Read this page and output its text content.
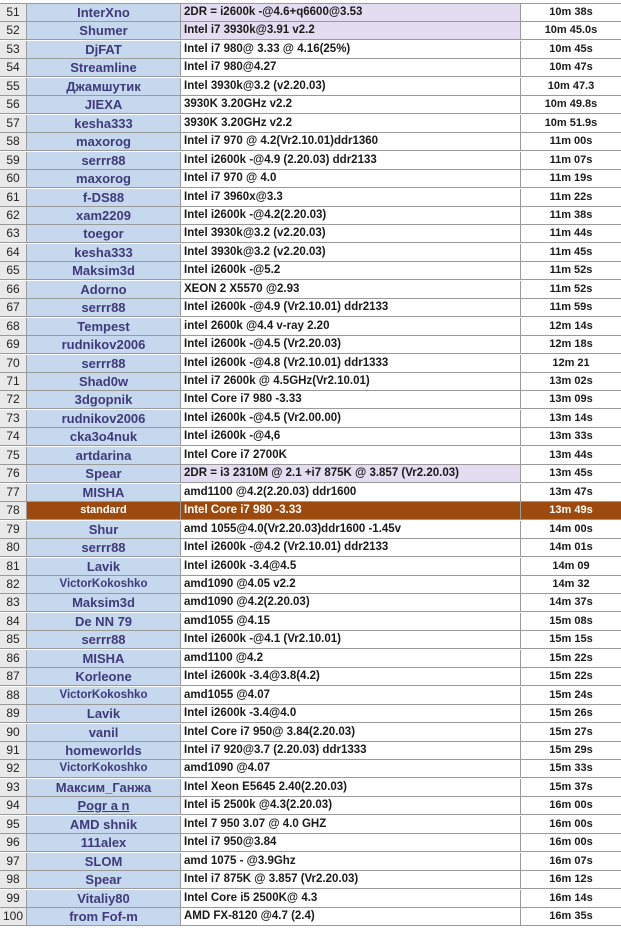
51	InterXno	2DR = i2600k -@4.6+q6600@3.53	10m 38s
52	Shumer	Intel i7 3930k@3.91 v2.2	10m 45.0s
53	DjFAT	Intel i7 980@ 3.33 @ 4.16(25%)	10m 45s
54	Streamline	Intel i7 980@4.27	10m 47s
55	Джамшутик	Intel 3930k@3.2 (v2.20.03)	10m 47.3
56	JIEXA	3930K 3.20GHz v2.2	10m 49.8s
57	kesha333	3930K 3.20GHz v2.2	10m 51.9s
58	maxorog	Intel i7 970 @ 4.2(Vr2.10.01)ddr1360	11m 00s
59	serrr88	Intel i2600k -@4.9 (2.20.03) ddr2133	11m 07s
60	maxorog	Intel i7 970 @ 4.0	11m 19s
61	f-DS88	Intel i7 3960x@3.3	11m 22s
62	xam2209	Intel i2600k -@4.2(2.20.03)	11m 38s
63	toegor	Intel 3930k@3.2 (v2.20.03)	11m 44s
64	kesha333	Intel 3930k@3.2 (v2.20.03)	11m 45s
65	Maksim3d	Intel i2600k -@5.2	11m 52s
66	Adorno	XEON 2 X5570 @2.93	11m 52s
67	serrr88	Intel i2600k -@4.9 (Vr2.10.01) ddr2133	11m 59s
68	Tempest	intel 2600k @4.4 v-ray 2.20	12m 14s
69	rudnikov2006	Intel i2600k -@4.5 (Vr2.20.03)	12m 18s
70	serrr88	Intel i2600k -@4.8 (Vr2.10.01) ddr1333	12m 21
71	Shad0w	Intel i7 2600k @ 4.5GHz(Vr2.10.01)	13m 02s
72	3dgopnik	Intel Core i7 980 -3.33	13m 09s
73	rudnikov2006	Intel i2600k -@4.5 (Vr2.00.00)	13m 14s
74	cka3o4nuk	Intel i2600k -@4,6	13m 33s
75	artdarina	Intel Core i7 2700K	13m 44s
76	Spear	2DR = i3 2310M @ 2.1 +i7 875K @ 3.857 (Vr2.20.03)	13m 45s
77	MISHA	amd1100 @4.2(2.20.03) ddr1600	13m 47s
78	standard	Intel Core i7 980 -3.33	13m 49s
79	Shur	amd 1055@4.0(Vr2.20.03)ddr1600 -1.45v	14m 00s
80	serrr88	Intel i2600k -@4.2 (Vr2.10.01) ddr2133	14m 01s
81	Lavik	Intel i2600k -3.4@4.5	14m 09
82	VictorKokoshko	amd1090 @4.05 v2.2	14m 32
83	Maksim3d	amd1090 @4.2(2.20.03)	14m 37s
84	De NN 79	amd1055 @4.15	15m 08s
85	serrr88	Intel i2600k -@4.1 (Vr2.10.01)	15m 15s
86	MISHA	amd1100 @4.2	15m 22s
87	Korleone	Intel i2600k -3.4@3.8(4.2)	15m 22s
88	VictorKokoshko	amd1055 @4.07	15m 24s
89	Lavik	Intel i2600k -3.4@4.0	15m 26s
90	vanil	Intel Core i7 950@ 3.84(2.20.03)	15m 27s
91	homeworlds	Intel i7 920@3.7 (2.20.03) ddr1333	15m 29s
92	VictorKokoshko	amd1090 @4.07	15m 33s
93	Максим_Ганжа	Intel Xeon E5645 2.40(2.20.03)	15m 37s
94	Pogr a n	Intel i5 2500k @4.3(2.20.03)	16m 00s
95	AMD shnik	Intel 7 950 3.07 @ 4.0 GHZ	16m 00s
96	111alex	Intel i7 950@3.84	16m 00s
97	SLOM	amd 1075 - @3.9Ghz	16m 07s
98	Spear	Intel i7 875K @ 3.857 (Vr2.20.03)	16m 12s
99	Vitaliy80	Intel Core i5 2500K@ 4.3	16m 14s
100	from Fof-m	AMD FX-8120 @4.7 (2.4)	16m 35s
